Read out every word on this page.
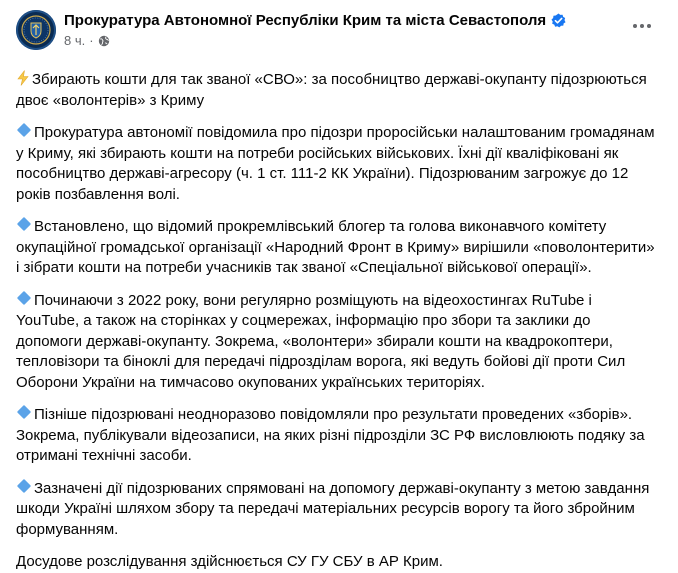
Прокуратура Автономної Республіки Крим та міста Севастополя
8 ч. ·

Збирають кошти для так званої «СВО»: за пособництво державі-окупанту підозрюються двоє «волонтерів» з Криму

Прокуратура автономії повідомила про підозри проросійськи налаштованим громадянам у Криму, які збирають кошти на потреби російських військових. Їхні дії кваліфіковані як пособництво державі-агресору (ч. 1 ст. 111-2 КК України). Підозрюваним загрожує до 12 років позбавлення волі.

Встановлено, що відомий прокремлівський блогер та голова виконавчого комітету окупаційної громадської організації «Народний Фронт в Криму» вирішили «поволонтерити» і зібрати кошти на потреби учасників так званої «Спеціальної військової операції».

Починаючи з 2022 року, вони регулярно розміщують на відеохостингах RuTube і YouTube, а також на сторінках у соцмережах, інформацію про збори та заклики до допомоги державі-окупанту. Зокрема, «волонтери» збирали кошти на квадрокоптери, тепловізори та біноклі для передачі підрозділам ворога, які ведуть бойові дії проти Сил Оборони України на тимчасово окупованих українських територіях.

Пізніше підозрювані неодноразово повідомляли про результати проведених «зборів». Зокрема, публікували відеозаписи, на яких різні підрозділи ЗС РФ висловлюють подяку за отримані технічні засоби.

Зазначені дії підозрюваних спрямовані на допомогу державі-окупанту з метою завдання шкоди Україні шляхом збору та передачі матеріальних ресурсів ворогу та його збройним формуванням.

Досудове розслідування здійснюється СУ ГУ СБУ в АР Крим.
